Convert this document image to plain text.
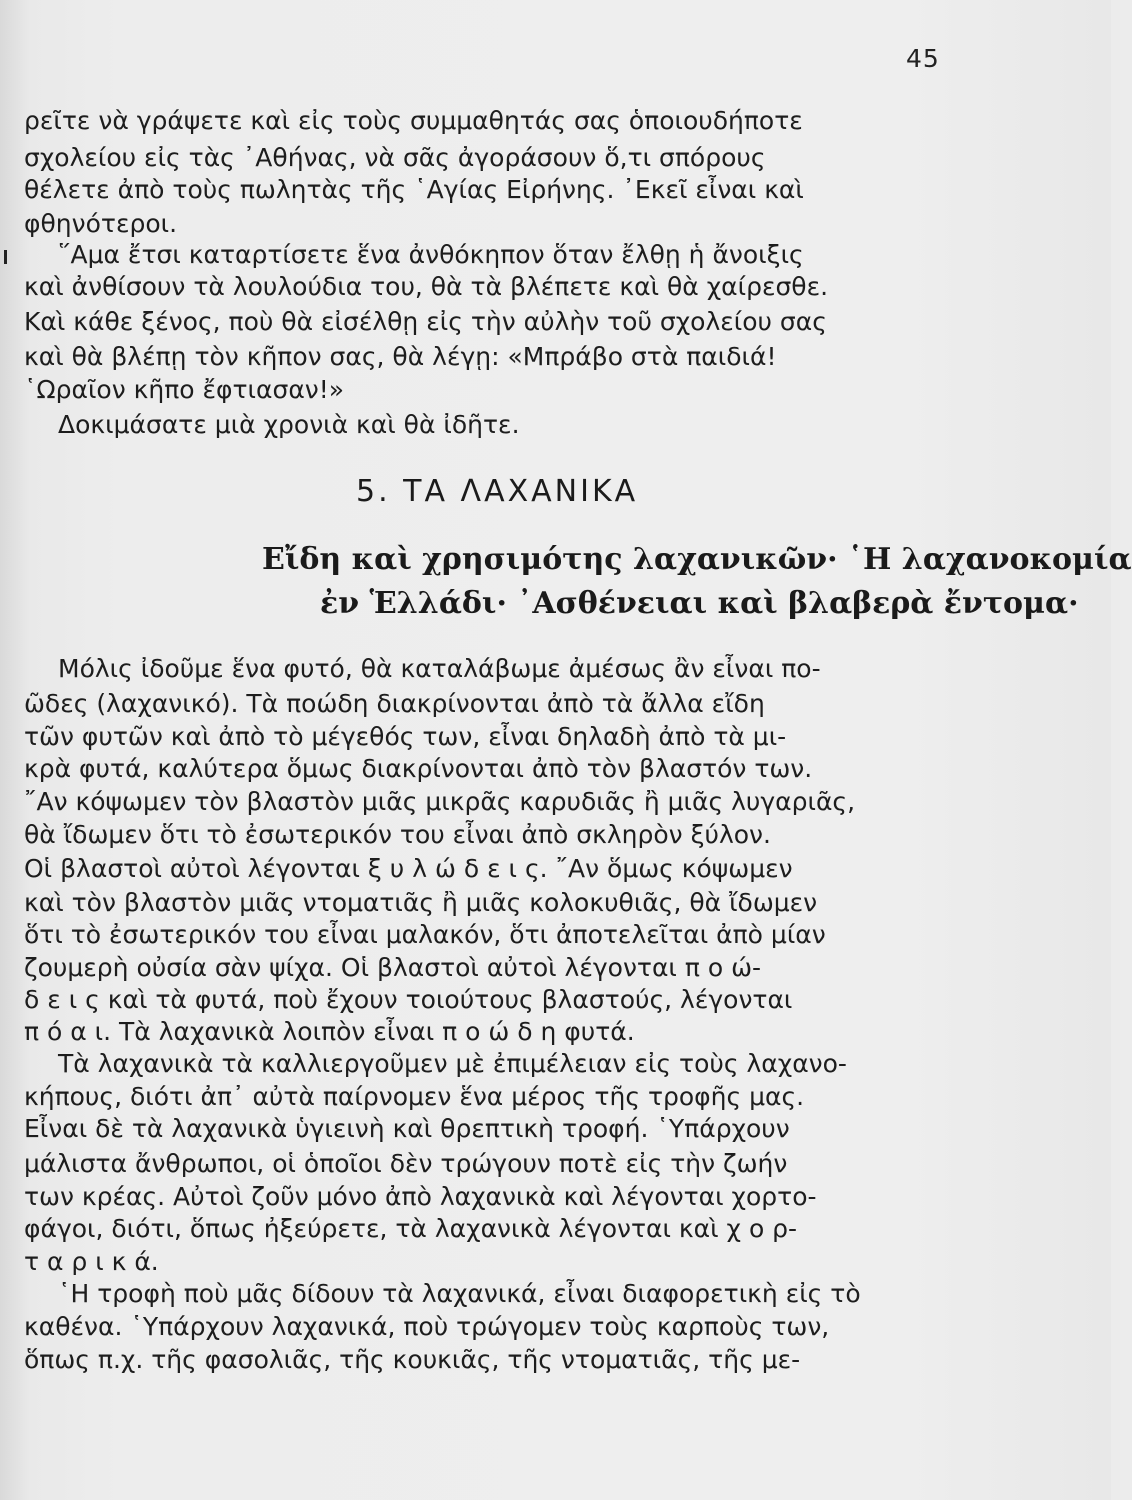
45
ρεῖτε νὰ γράψετε καὶ εἰς τοὺς συμμαθητάς σας ὁποιουδήποτε
σχολείου εἰς τὰς ᾿Αθήνας, νὰ σᾶς ἀγοράσουν ὅ,τι σπόρους
θέλετε ἀπὸ τοὺς πωλητὰς τῆς ῾Αγίας Εἰρήνης. ᾿Εκεῖ εἶναι καὶ
φθηνότεροι.
῞Αμα ἔτσι καταρτίσετε ἕνα ἀνθόκηπον ὅταν ἔλθῃ ἡ ἄνοιξις
καὶ ἀνθίσουν τὰ λουλούδια του, θὰ τὰ βλέπετε καὶ θὰ χαίρεσθε.
Καὶ κάθε ξένος, ποὺ θὰ εἰσέλθῃ εἰς τὴν αὐλὴν τοῦ σχολείου σας
καὶ θὰ βλέπῃ τὸν κῆπον σας, θὰ λέγῃ: «Μπράβο στὰ παιδιά!
῾Ωραῖον κῆπο ἔφτιασαν!»
Δοκιμάσατε μιὰ χρονιὰ καὶ θὰ ἰδῆτε.
5. ΤΑ ΛΑΧΑΝΙΚΑ
Εἴδη καὶ χρησιμότης λαχανικῶν· ῾Η λαχανοκομία
ἐν Ἑλλάδι· ᾿Ασθένειαι καὶ βλαβερὰ ἔντομα·
Μόλις ἰδοῦμε ἕνα φυτό, θὰ καταλάβωμε ἀμέσως ἂν εἶναι πο-
ῶδες (λαχανικό). Τὰ ποώδη διακρίνονται ἀπὸ τὰ ἄλλα εἴδη
τῶν φυτῶν καὶ ἀπὸ τὸ μέγεθός των, εἶναι δηλαδὴ ἀπὸ τὰ μι-
κρὰ φυτά, καλύτερα ὅμως διακρίνονται ἀπὸ τὸν βλαστόν των.
῎Αν κόψωμεν τὸν βλαστὸν μιᾶς μικρᾶς καρυδιᾶς ἢ μιᾶς λυγαριᾶς,
θὰ ἴδωμεν ὅτι τὸ ἐσωτερικόν του εἶναι ἀπὸ σκληρὸν ξύλον.
Οἱ βλαστοὶ αὐτοὶ λέγονται ξ υ λ ώ δ ε ι ς. ῎Αν ὅμως κόψωμεν
καὶ τὸν βλαστὸν μιᾶς ντοματιᾶς ἢ μιᾶς κολοκυθιᾶς, θὰ ἴδωμεν
ὅτι τὸ ἐσωτερικόν του εἶναι μαλακόν, ὅτι ἀποτελεῖται ἀπὸ μίαν
ζουμερὴ οὐσία σὰν ψίχα. Οἱ βλαστοὶ αὐτοὶ λέγονται π ο ώ-
δ ε ι ς καὶ τὰ φυτά, ποὺ ἔχουν τοιούτους βλαστούς, λέγονται
π ό α ι. Τὰ λαχανικὰ λοιπὸν εἶναι π ο ώ δ η φυτά.
Τὰ λαχανικὰ τὰ καλλιεργοῦμεν μὲ ἐπιμέλειαν εἰς τοὺς λαχανο-
κήπους, διότι ἀπ᾿ αὐτὰ παίρνομεν ἕνα μέρος τῆς τροφῆς μας.
Εἶναι δὲ τὰ λαχανικὰ ὑγιεινὴ καὶ θρεπτικὴ τροφή. ῾Υπάρχουν
μάλιστα ἄνθρωποι, οἱ ὁποῖοι δὲν τρώγουν ποτὲ εἰς τὴν ζωήν
των κρέας. Αὐτοὶ ζοῦν μόνο ἀπὸ λαχανικὰ καὶ λέγονται χορτο-
φάγοι, διότι, ὅπως ἠξεύρετε, τὰ λαχανικὰ λέγονται καὶ χ ο ρ-
τ α ρ ι κ ά.
῾Η τροφὴ ποὺ μᾶς δίδουν τὰ λαχανικά, εἶναι διαφορετικὴ εἰς τὸ
καθένα. ῾Υπάρχουν λαχανικά, ποὺ τρώγομεν τοὺς καρποὺς των,
ὅπως π.χ. τῆς φασολιᾶς, τῆς κουκιᾶς, τῆς ντοματιᾶς, τῆς με-
